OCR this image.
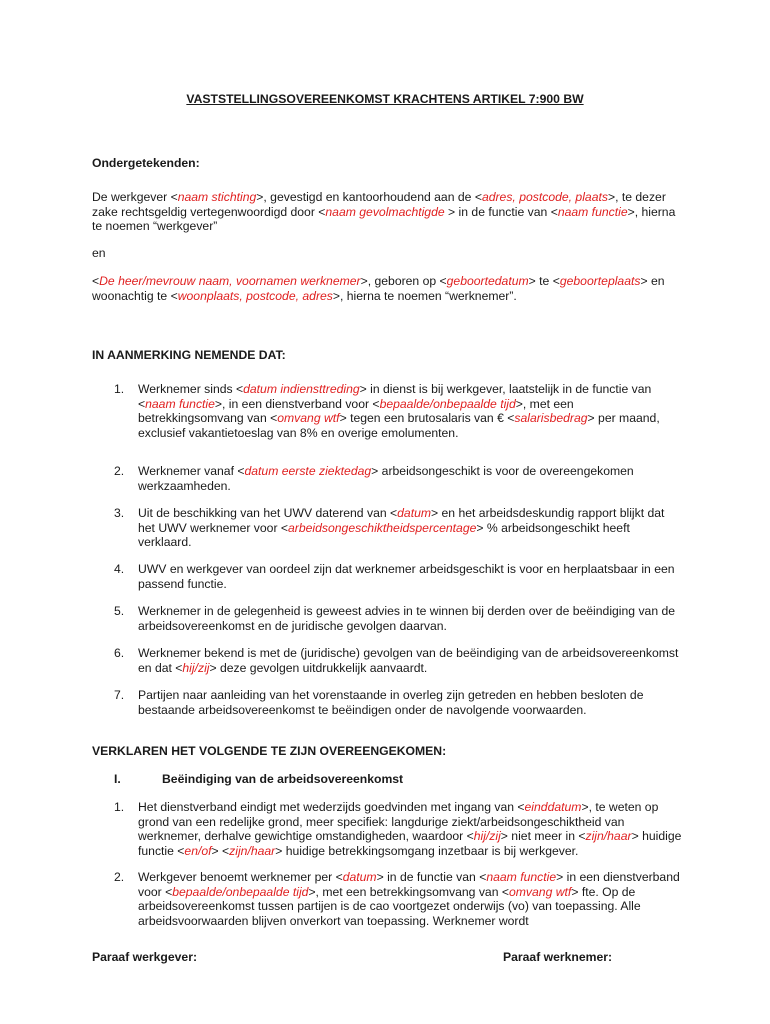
VASTSTELLINGSOVEREENKOMST KRACHTENS ARTIKEL 7:900 BW
Ondergetekenden:
De werkgever <naam stichting>, gevestigd en kantoorhoudend aan de <adres, postcode, plaats>, te dezer zake rechtsgeldig vertegenwoordigd door <naam gevolmachtigde > in de functie van <naam functie>, hierna te noemen “werkgever”
en
<De heer/mevrouw naam, voornamen werknemer>, geboren op <geboortedatum> te <geboorteplaats> en woonachtig te <woonplaats, postcode, adres>, hierna te noemen “werknemer”.
IN AANMERKING NEMENDE DAT:
1. Werknemer sinds <datum indiensttreding> in dienst is bij werkgever, laatstelijk in de functie van <naam functie>, in een dienstverband voor <bepaalde/onbepaalde tijd>, met een betrekkingsomvang van <omvang wtf> tegen een brutosalaris van € <salarisbedrag> per maand, exclusief vakantietoeslag van 8% en overige emolumenten.
2. Werknemer vanaf <datum eerste ziektedag> arbeidsongeschikt is voor de overeengekomen werkzaamheden.
3. Uit de beschikking van het UWV daterend van <datum> en het arbeidsdeskundig rapport blijkt dat het UWV werknemer voor <arbeidsongeschiktheidspercentage> % arbeidsongeschikt heeft verklaard.
4. UWV en werkgever van oordeel zijn dat werknemer arbeidsgeschikt is voor en herplaatsbaar in een passend functie.
5. Werknemer in de gelegenheid is geweest advies in te winnen bij derden over de beëindiging van de arbeidsovereenkomst en de juridische gevolgen daarvan.
6. Werknemer bekend is met de (juridische) gevolgen van de beëindiging van de arbeidsovereenkomst en dat <hij/zij> deze gevolgen uitdrukkelijk aanvaardt.
7. Partijen naar aanleiding van het vorenstaande in overleg zijn getreden en hebben besloten de bestaande arbeidsovereenkomst te beëindigen onder de navolgende voorwaarden.
VERKLAREN HET VOLGENDE TE ZIJN OVEREENGEKOMEN:
I.	Beëindiging van de arbeidsovereenkomst
1. Het dienstverband eindigt met wederzijds goedvinden met ingang van <einddatum>, te weten op grond van een redelijke grond, meer specifiek: langdurige ziekt/arbeidsongeschiktheid van werknemer, derhalve gewichtige omstandigheden, waardoor <hij/zij> niet meer in <zijn/haar> huidige functie <en/of> <zijn/haar> huidige betrekkingsomgang inzetbaar is bij werkgever.
2. Werkgever benoemt werknemer per <datum> in de functie van <naam functie> in een dienstverband voor <bepaalde/onbepaalde tijd>, met een betrekkingsomvang van <omvang wtf> fte. Op de arbeidsovereenkomst tussen partijen is de cao voortgezet onderwijs (vo) van toepassing. Alle arbeidsvoorwaarden blijven onverkort van toepassing. Werknemer wordt
Paraaf werkgever:	Paraaf werknemer:
